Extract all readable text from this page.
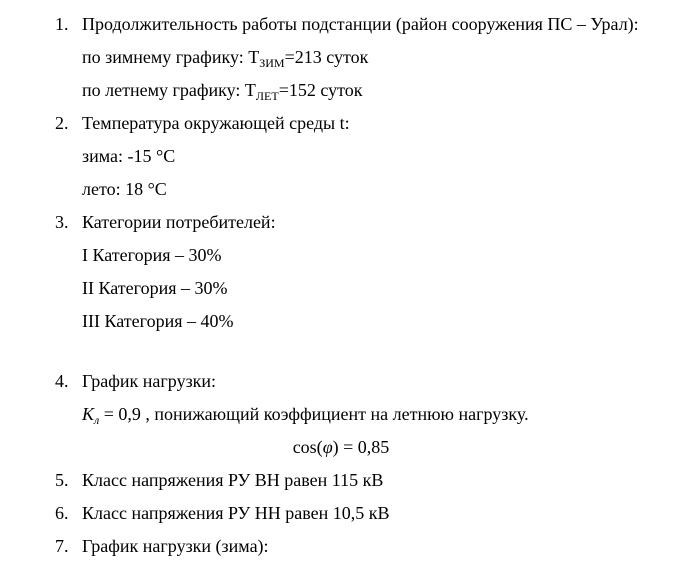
1. Продолжительность работы подстанции (район сооружения ПС – Урал):
по зимнему графику: $Т_{ЗИМ}=213$ суток
по летнему графику: $Т_{ЛЕТ}=152$ суток
2. Температура окружающей среды t:
зима: -15 °С
лето: 18 °С
3. Категории потребителей:
I Категория – 30%
II Категория – 30%
III Категория – 40%
4. График нагрузки:
$К_л = 0,9$ , понижающий коэффициент на летнюю нагрузку.
cos(φ) = 0,85
5. Класс напряжения РУ ВН равен 115 кВ
6. Класс напряжения РУ НН равен 10,5 кВ
7. График нагрузки (зима):
